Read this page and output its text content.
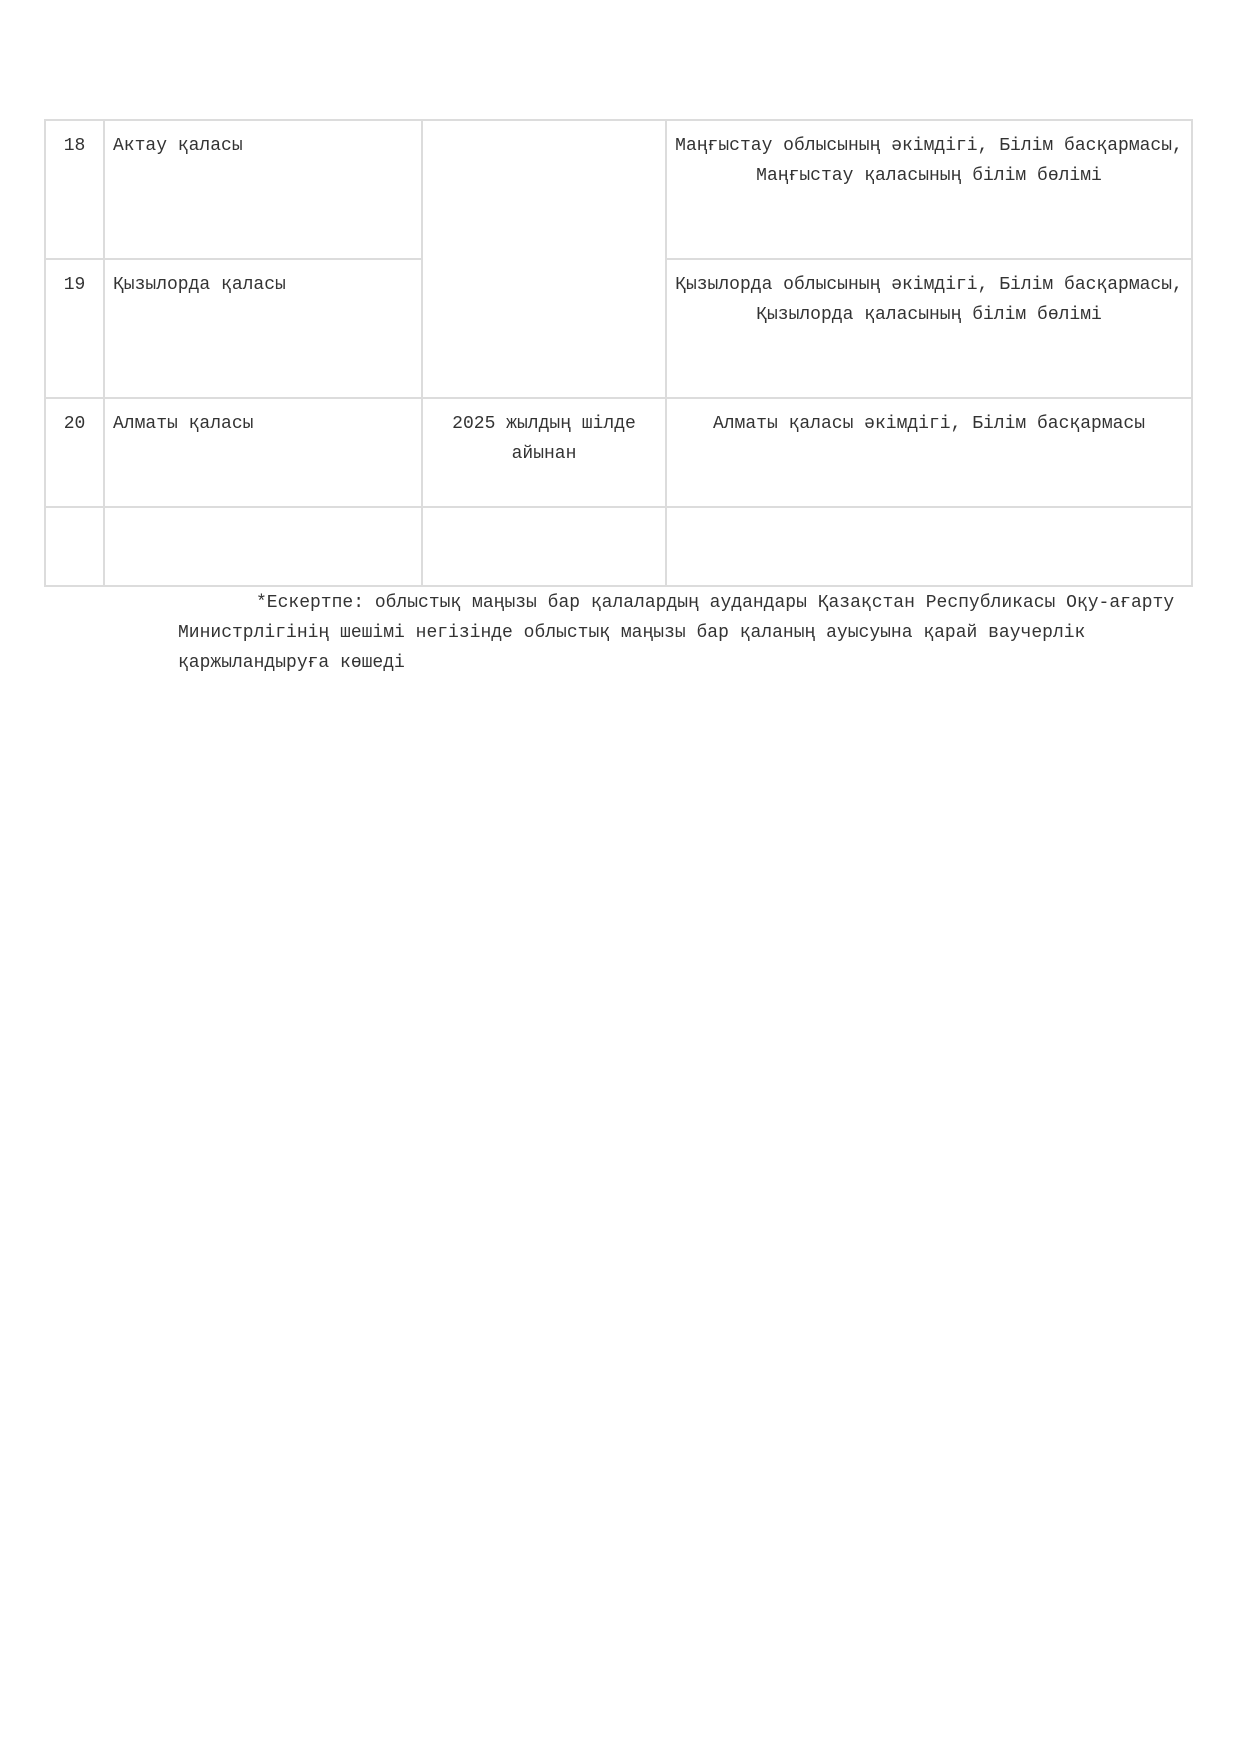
18	Актау қаласы		Маңғыстау облысының әкімдігі, Білім басқармасы, Маңғыстау қаласының білім бөлімі
19	Қызылорда қаласы		Қызылорда облысының әкімдігі, Білім басқармасы, Қызылорда қаласының білім бөлімі
20	Алматы қаласы	2025 жылдың шілде айынан	Алматы қаласы әкімдігі, Білім басқармасы

*Ескертпе: облыстық маңызы бар қалалардың аудандары Қазақстан Республикасы Оқу-ағарту Министрлігінің шешімі негізінде облыстық маңызы бар қаланың ауысуына қарай ваучерлік қаржыландыруға көшеді
